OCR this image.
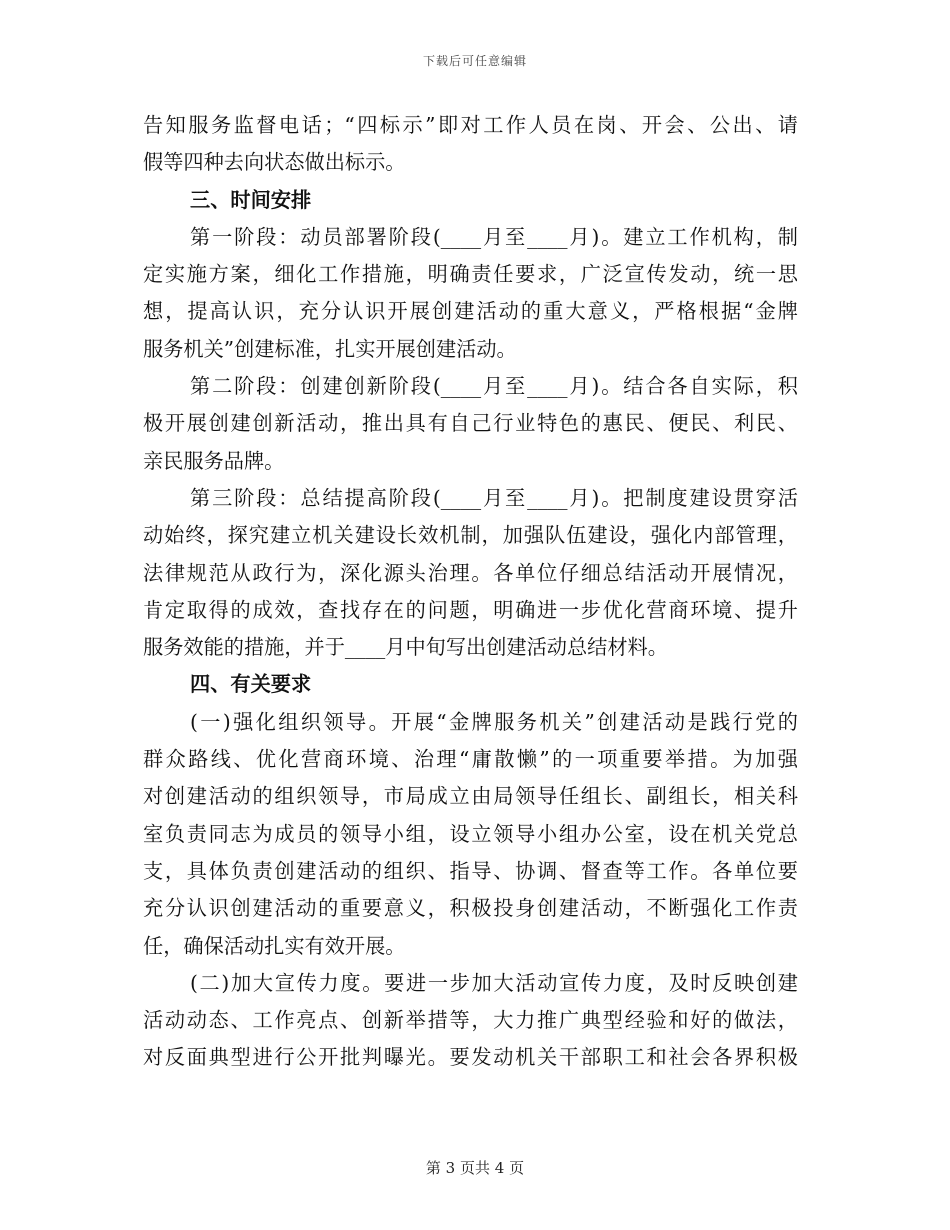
下载后可任意编辑
告知服务监督电话；“四标示”即对工作人员在岗、开会、公出、请
假等四种去向状态做出标示。
三、时间安排
第一阶段：动员部署阶段(____月至____月)。建立工作机构，制
定实施方案，细化工作措施，明确责任要求，广泛宣传发动，统一思
想，提高认识，充分认识开展创建活动的重大意义，严格根据“金牌
服务机关”创建标准，扎实开展创建活动。
第二阶段：创建创新阶段(____月至____月)。结合各自实际，积
极开展创建创新活动，推出具有自己行业特色的惠民、便民、利民、
亲民服务品牌。
第三阶段：总结提高阶段(____月至____月)。把制度建设贯穿活
动始终，探究建立机关建设长效机制，加强队伍建设，强化内部管理，
法律规范从政行为，深化源头治理。各单位仔细总结活动开展情况，
肯定取得的成效，查找存在的问题，明确进一步优化营商环境、提升
服务效能的措施，并于____月中旬写出创建活动总结材料。
四、有关要求
(一)强化组织领导。开展“金牌服务机关”创建活动是践行党的
群众路线、优化营商环境、治理“庸散懒”的一项重要举措。为加强
对创建活动的组织领导，市局成立由局领导任组长、副组长，相关科
室负责同志为成员的领导小组，设立领导小组办公室，设在机关党总
支，具体负责创建活动的组织、指导、协调、督查等工作。各单位要
充分认识创建活动的重要意义，积极投身创建活动，不断强化工作责
任，确保活动扎实有效开展。
(二)加大宣传力度。要进一步加大活动宣传力度，及时反映创建
活动动态、工作亮点、创新举措等，大力推广典型经验和好的做法，
对反面典型进行公开批判曝光。要发动机关干部职工和社会各界积极
第 3 页共 4 页
